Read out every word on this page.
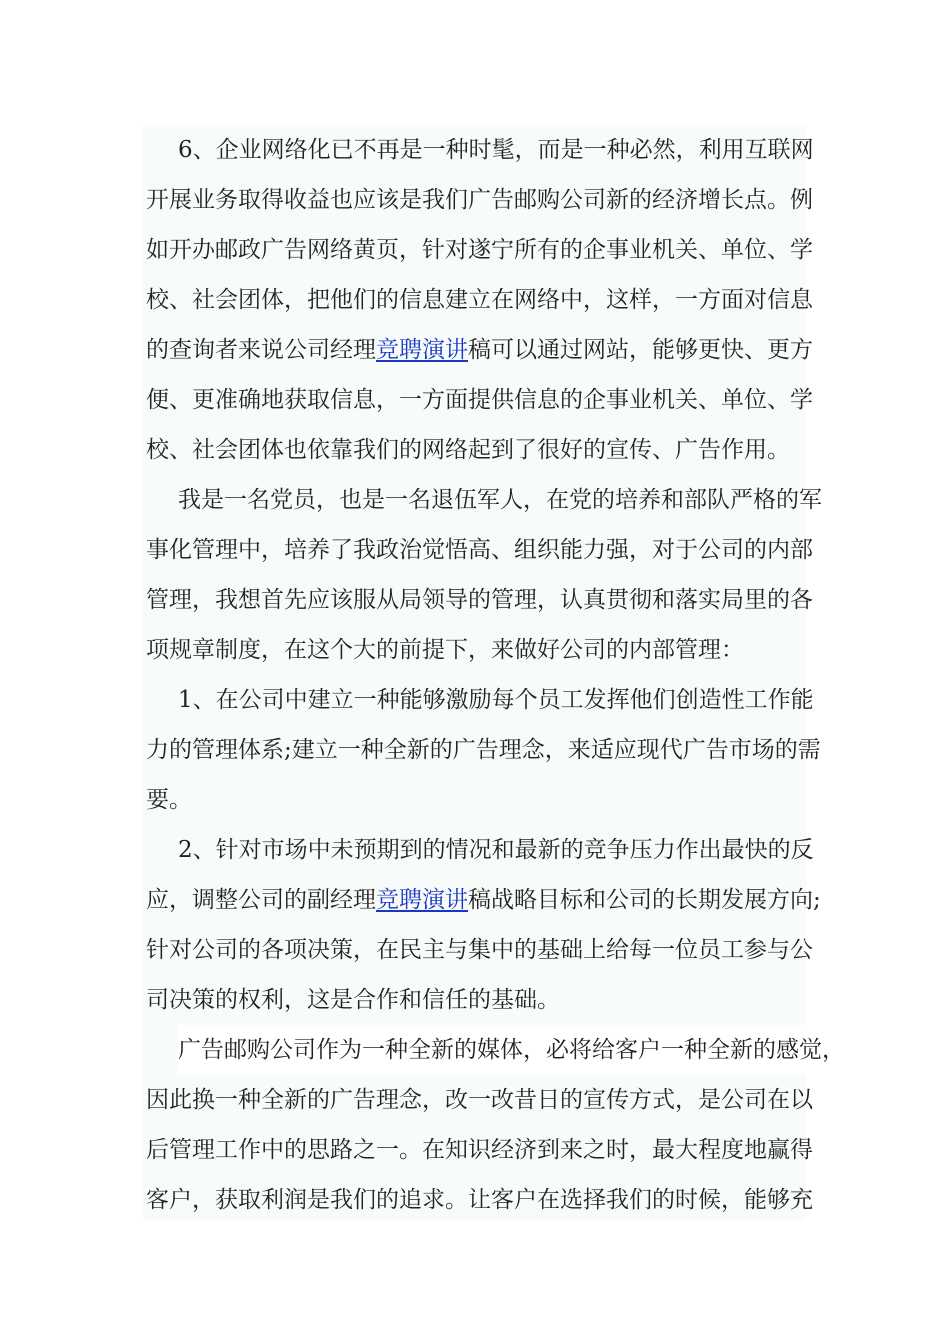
6、企业网络化已不再是一种时髦，而是一种必然，利用互联网
开展业务取得收益也应该是我们广告邮购公司新的经济增长点。例
如开办邮政广告网络黄页，针对遂宁所有的企事业机关、单位、学
校、社会团体，把他们的信息建立在网络中，这样，一方面对信息
的查询者来说公司经理竞聘演讲稿可以通过网站，能够更快、更方
便、更准确地获取信息，一方面提供信息的企事业机关、单位、学
校、社会团体也依靠我们的网络起到了很好的宣传、广告作用。
我是一名党员，也是一名退伍军人，在党的培养和部队严格的军
事化管理中，培养了我政治觉悟高、组织能力强，对于公司的内部
管理，我想首先应该服从局领导的管理，认真贯彻和落实局里的各
项规章制度，在这个大的前提下，来做好公司的内部管理：
1、在公司中建立一种能够激励每个员工发挥他们创造性工作能
力的管理体系;建立一种全新的广告理念，来适应现代广告市场的需
要。
2、针对市场中未预期到的情况和最新的竞争压力作出最快的反
应，调整公司的副经理竞聘演讲稿战略目标和公司的长期发展方向;
针对公司的各项决策，在民主与集中的基础上给每一位员工参与公
司决策的权利，这是合作和信任的基础。
广告邮购公司作为一种全新的媒体，必将给客户一种全新的感觉，
因此换一种全新的广告理念，改一改昔日的宣传方式，是公司在以
后管理工作中的思路之一。在知识经济到来之时，最大程度地赢得
客户，获取利润是我们的追求。让客户在选择我们的时候，能够充
